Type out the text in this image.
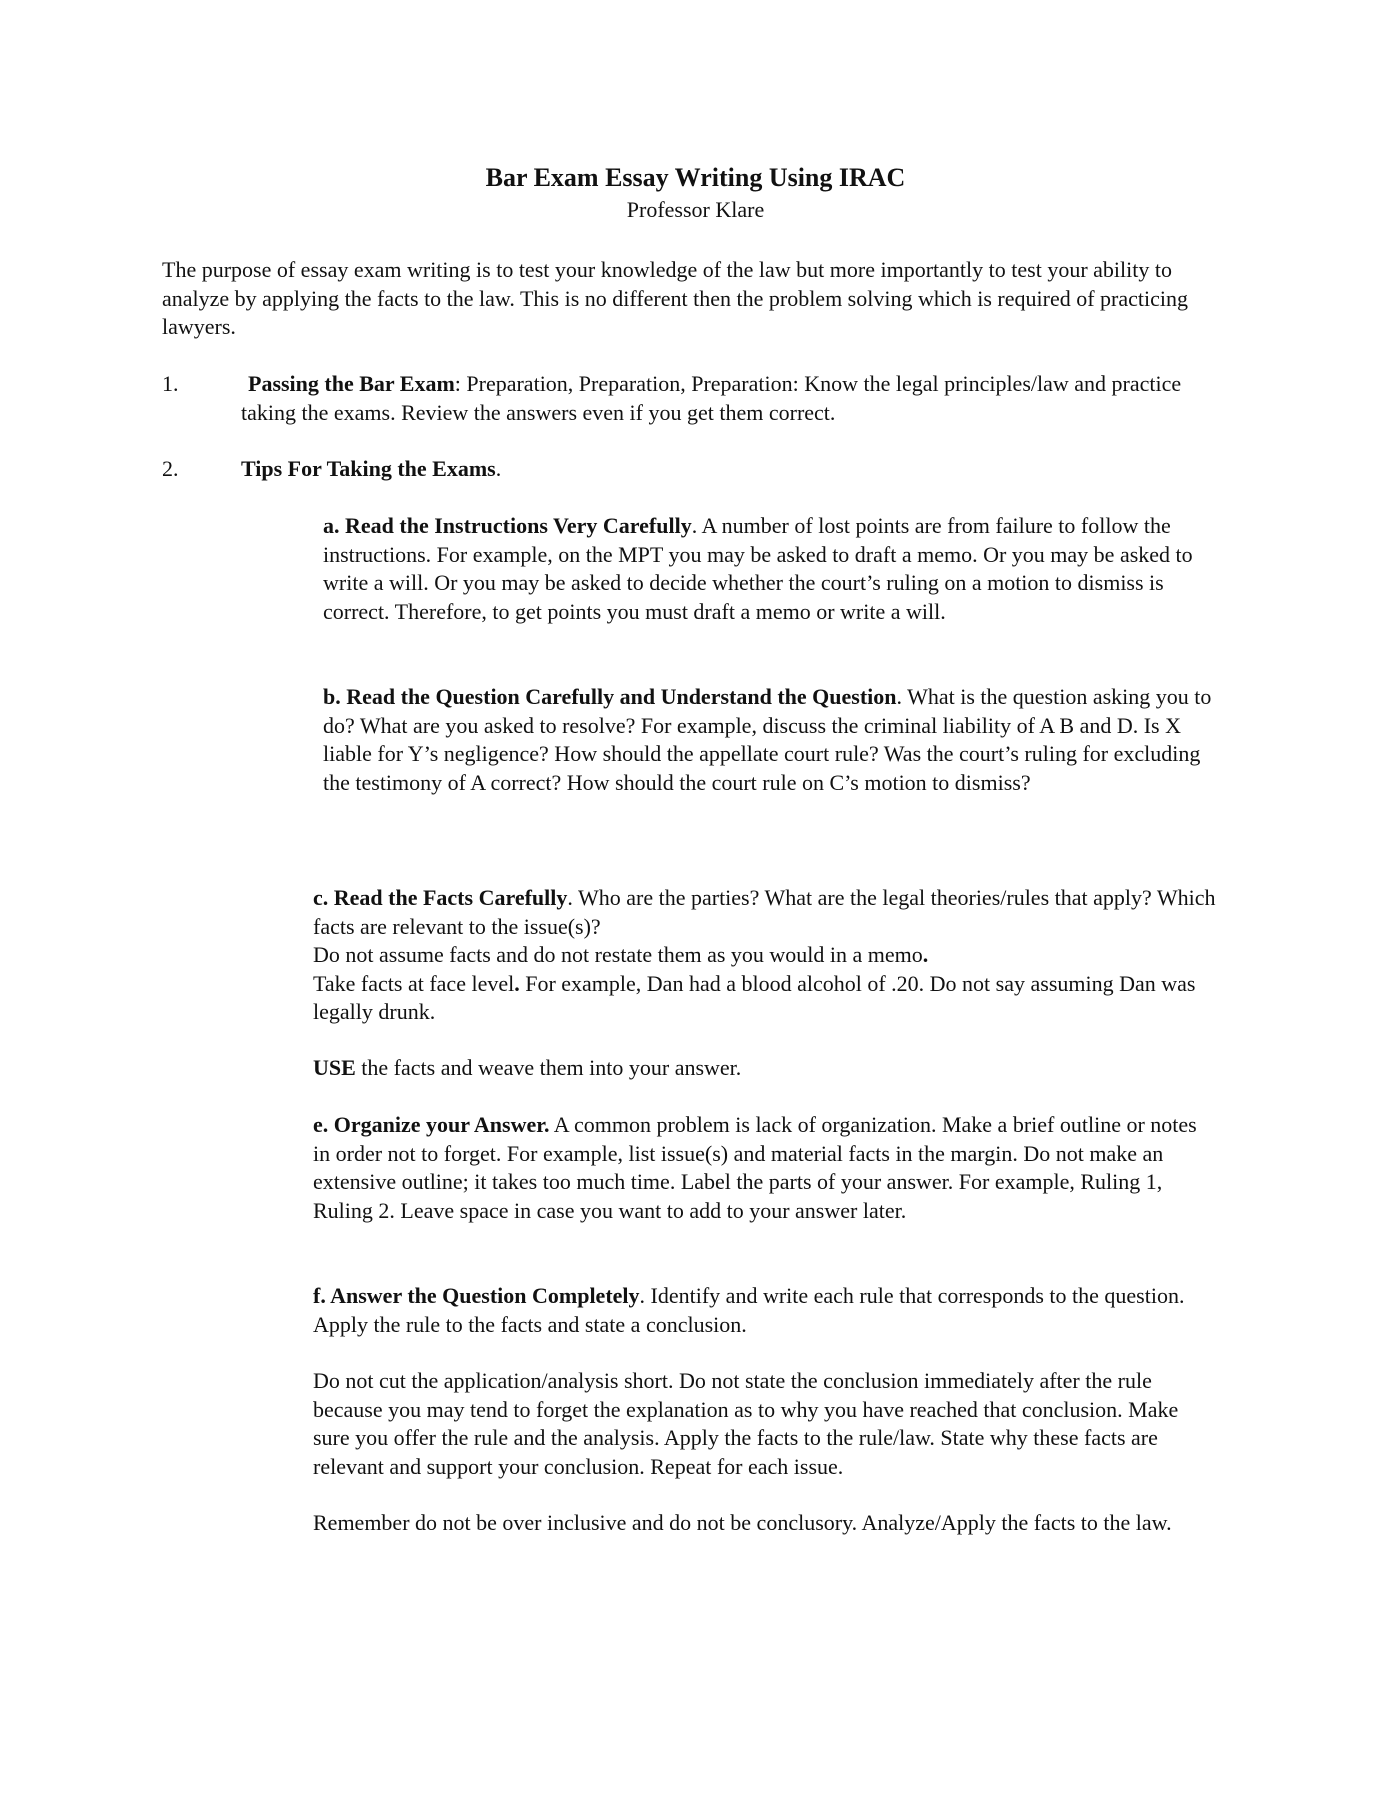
Bar Exam Essay Writing Using IRAC
Professor Klare

The purpose of essay exam writing is to test your knowledge of the law but more importantly to test your ability to analyze by applying the facts to the law. This is no different then the problem solving which is required of practicing lawyers.

1.	Passing the Bar Exam: Preparation, Preparation, Preparation: Know the legal principles/law and practice taking the exams. Review the answers even if you get them correct.

2.	Tips For Taking the Exams.

a. Read the Instructions Very Carefully. A number of lost points are from failure to follow the instructions. For example, on the MPT you may be asked to draft a memo. Or you may be asked to write a will. Or you may be asked to decide whether the court’s ruling on a motion to dismiss is correct. Therefore, to get points you must draft a memo or write a will.

b. Read the Question Carefully and Understand the Question. What is the question asking you to do? What are you asked to resolve? For example, discuss the criminal liability of A B and D. Is X liable for Y’s negligence? How should the appellate court rule? Was the court’s ruling for excluding the testimony of A correct? How should the court rule on C’s motion to dismiss?

c. Read the Facts Carefully. Who are the parties? What are the legal theories/rules that apply? Which facts are relevant to the issue(s)?
Do not assume facts and do not restate them as you would in a memo.
Take facts at face level. For example, Dan had a blood alcohol of .20. Do not say assuming Dan was legally drunk.

USE the facts and weave them into your answer.

e. Organize your Answer. A common problem is lack of organization. Make a brief outline or notes in order not to forget. For example, list issue(s) and material facts in the margin. Do not make an extensive outline; it takes too much time. Label the parts of your answer. For example, Ruling 1, Ruling 2. Leave space in case you want to add to your answer later.

f. Answer the Question Completely. Identify and write each rule that corresponds to the question. Apply the rule to the facts and state a conclusion.

Do not cut the application/analysis short. Do not state the conclusion immediately after the rule because you may tend to forget the explanation as to why you have reached that conclusion. Make sure you offer the rule and the analysis. Apply the facts to the rule/law. State why these facts are relevant and support your conclusion. Repeat for each issue.

Remember do not be over inclusive and do not be conclusory. Analyze/Apply the facts to the law.
